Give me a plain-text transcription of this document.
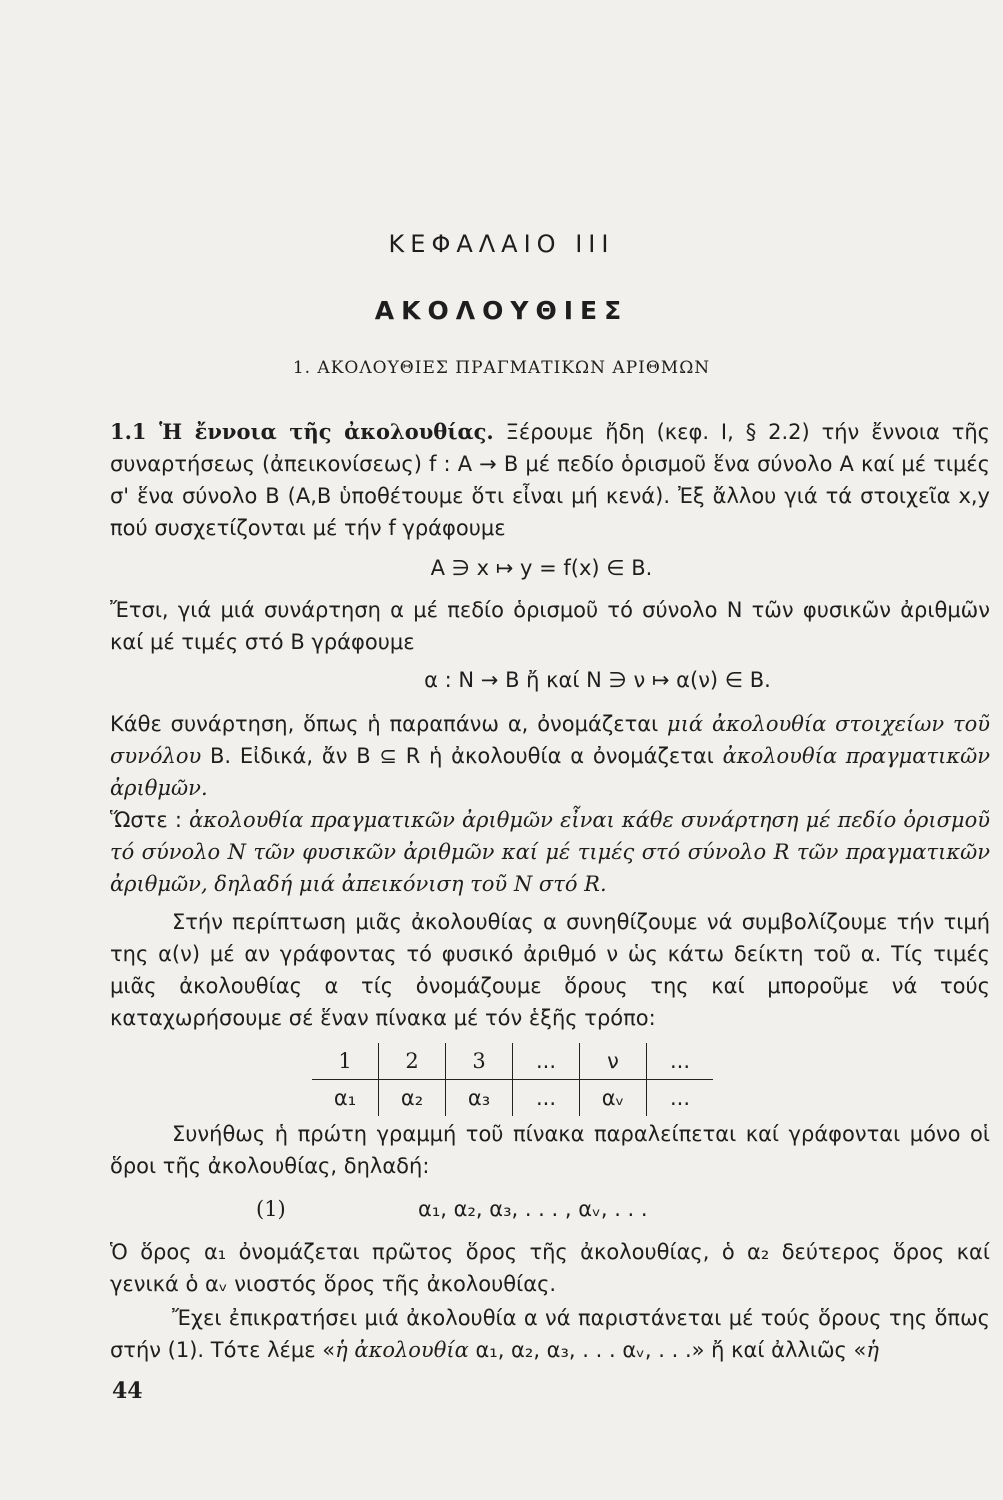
ΚΕΦΑΛΑΙΟ ΙΙΙ
ΑΚΟΛΟΥΘΙΕΣ
1. ΑΚΟΛΟΥΘΙΕΣ ΠΡΑΓΜΑΤΙΚΩΝ ΑΡΙΘΜΩΝ
1.1 Ἡ ἔννοια τῆς ἀκολουθίας. Ξέρουμε ἤδη (κεφ. Ι, § 2.2) τήν ἔννοια τῆς συναρτήσεως (ἀπεικονίσεως) f : A → B μέ πεδίο ὁρισμοῦ ἕνα σύνολο A καί μέ τιμές σ' ἕνα σύνολο B (A,B ὑποθέτουμε ὅτι εἶναι μή κενά). Ἐξ ἄλλου γιά τά στοιχεῖα x,y πού συσχετίζονται μέ τήν f γράφουμε
A ∋ x ↦ y = f(x) ∈ B.
Ἔτσι, γιά μιά συνάρτηση α μέ πεδίο ὁρισμοῦ τό σύνολο N τῶν φυσικῶν ἀριθμῶν καί μέ τιμές στό B γράφουμε
α : N → B ἤ καί N ∋ ν ↦ α(ν) ∈ B.
Κάθε συνάρτηση, ὅπως ἡ παραπάνω α, ὀνομάζεται μιά ἀκολουθία στοιχείων τοῦ συνόλου B. Εἰδικά, ἄν B ⊆ R ἡ ἀκολουθία α ὀνομάζεται ἀκολουθία πραγματικῶν ἀριθμῶν.
Ὥστε : ἀκολουθία πραγματικῶν ἀριθμῶν εἶναι κάθε συνάρτηση μέ πεδίο ὁρισμοῦ τό σύνολο N τῶν φυσικῶν ἀριθμῶν καί μέ τιμές στό σύνολο R τῶν πραγματικῶν ἀριθμῶν, δηλαδή μιά ἀπεικόνιση τοῦ N στό R.
Στήν περίπτωση μιᾶς ἀκολουθίας α συνηθίζουμε νά συμβολίζουμε τήν τιμή της α(ν) μέ αν γράφοντας τό φυσικό ἀριθμό ν ὡς κάτω δείκτη τοῦ α. Τίς τιμές μιᾶς ἀκολουθίας α τίς ὀνομάζουμε ὅρους της καί μποροῦμε νά τούς καταχωρήσουμε σέ ἕναν πίνακα μέ τόν ἑξῆς τρόπο:
1	2	3	...	ν	...
α₁	α₂	α₃	...	αᵥ	...
Συνήθως ἡ πρώτη γραμμή τοῦ πίνακα παραλείπεται καί γράφονται μόνο οἱ ὅροι τῆς ἀκολουθίας, δηλαδή:
(1)	α₁, α₂, α₃, . . . , αᵥ, . . .
Ὁ ὅρος α₁ ὀνομάζεται πρῶτος ὅρος τῆς ἀκολουθίας, ὁ α₂ δεύτερος ὅρος καί γενικά ὁ αᵥ νιοστός ὅρος τῆς ἀκολουθίας.
Ἔχει ἐπικρατήσει μιά ἀκολουθία α νά παριστάνεται μέ τούς ὅρους της ὅπως στήν (1). Τότε λέμε «ἡ ἀκολουθία α₁, α₂, α₃, . . . αᵥ, . . .» ἤ καί ἀλλιῶς «ἡ
44
